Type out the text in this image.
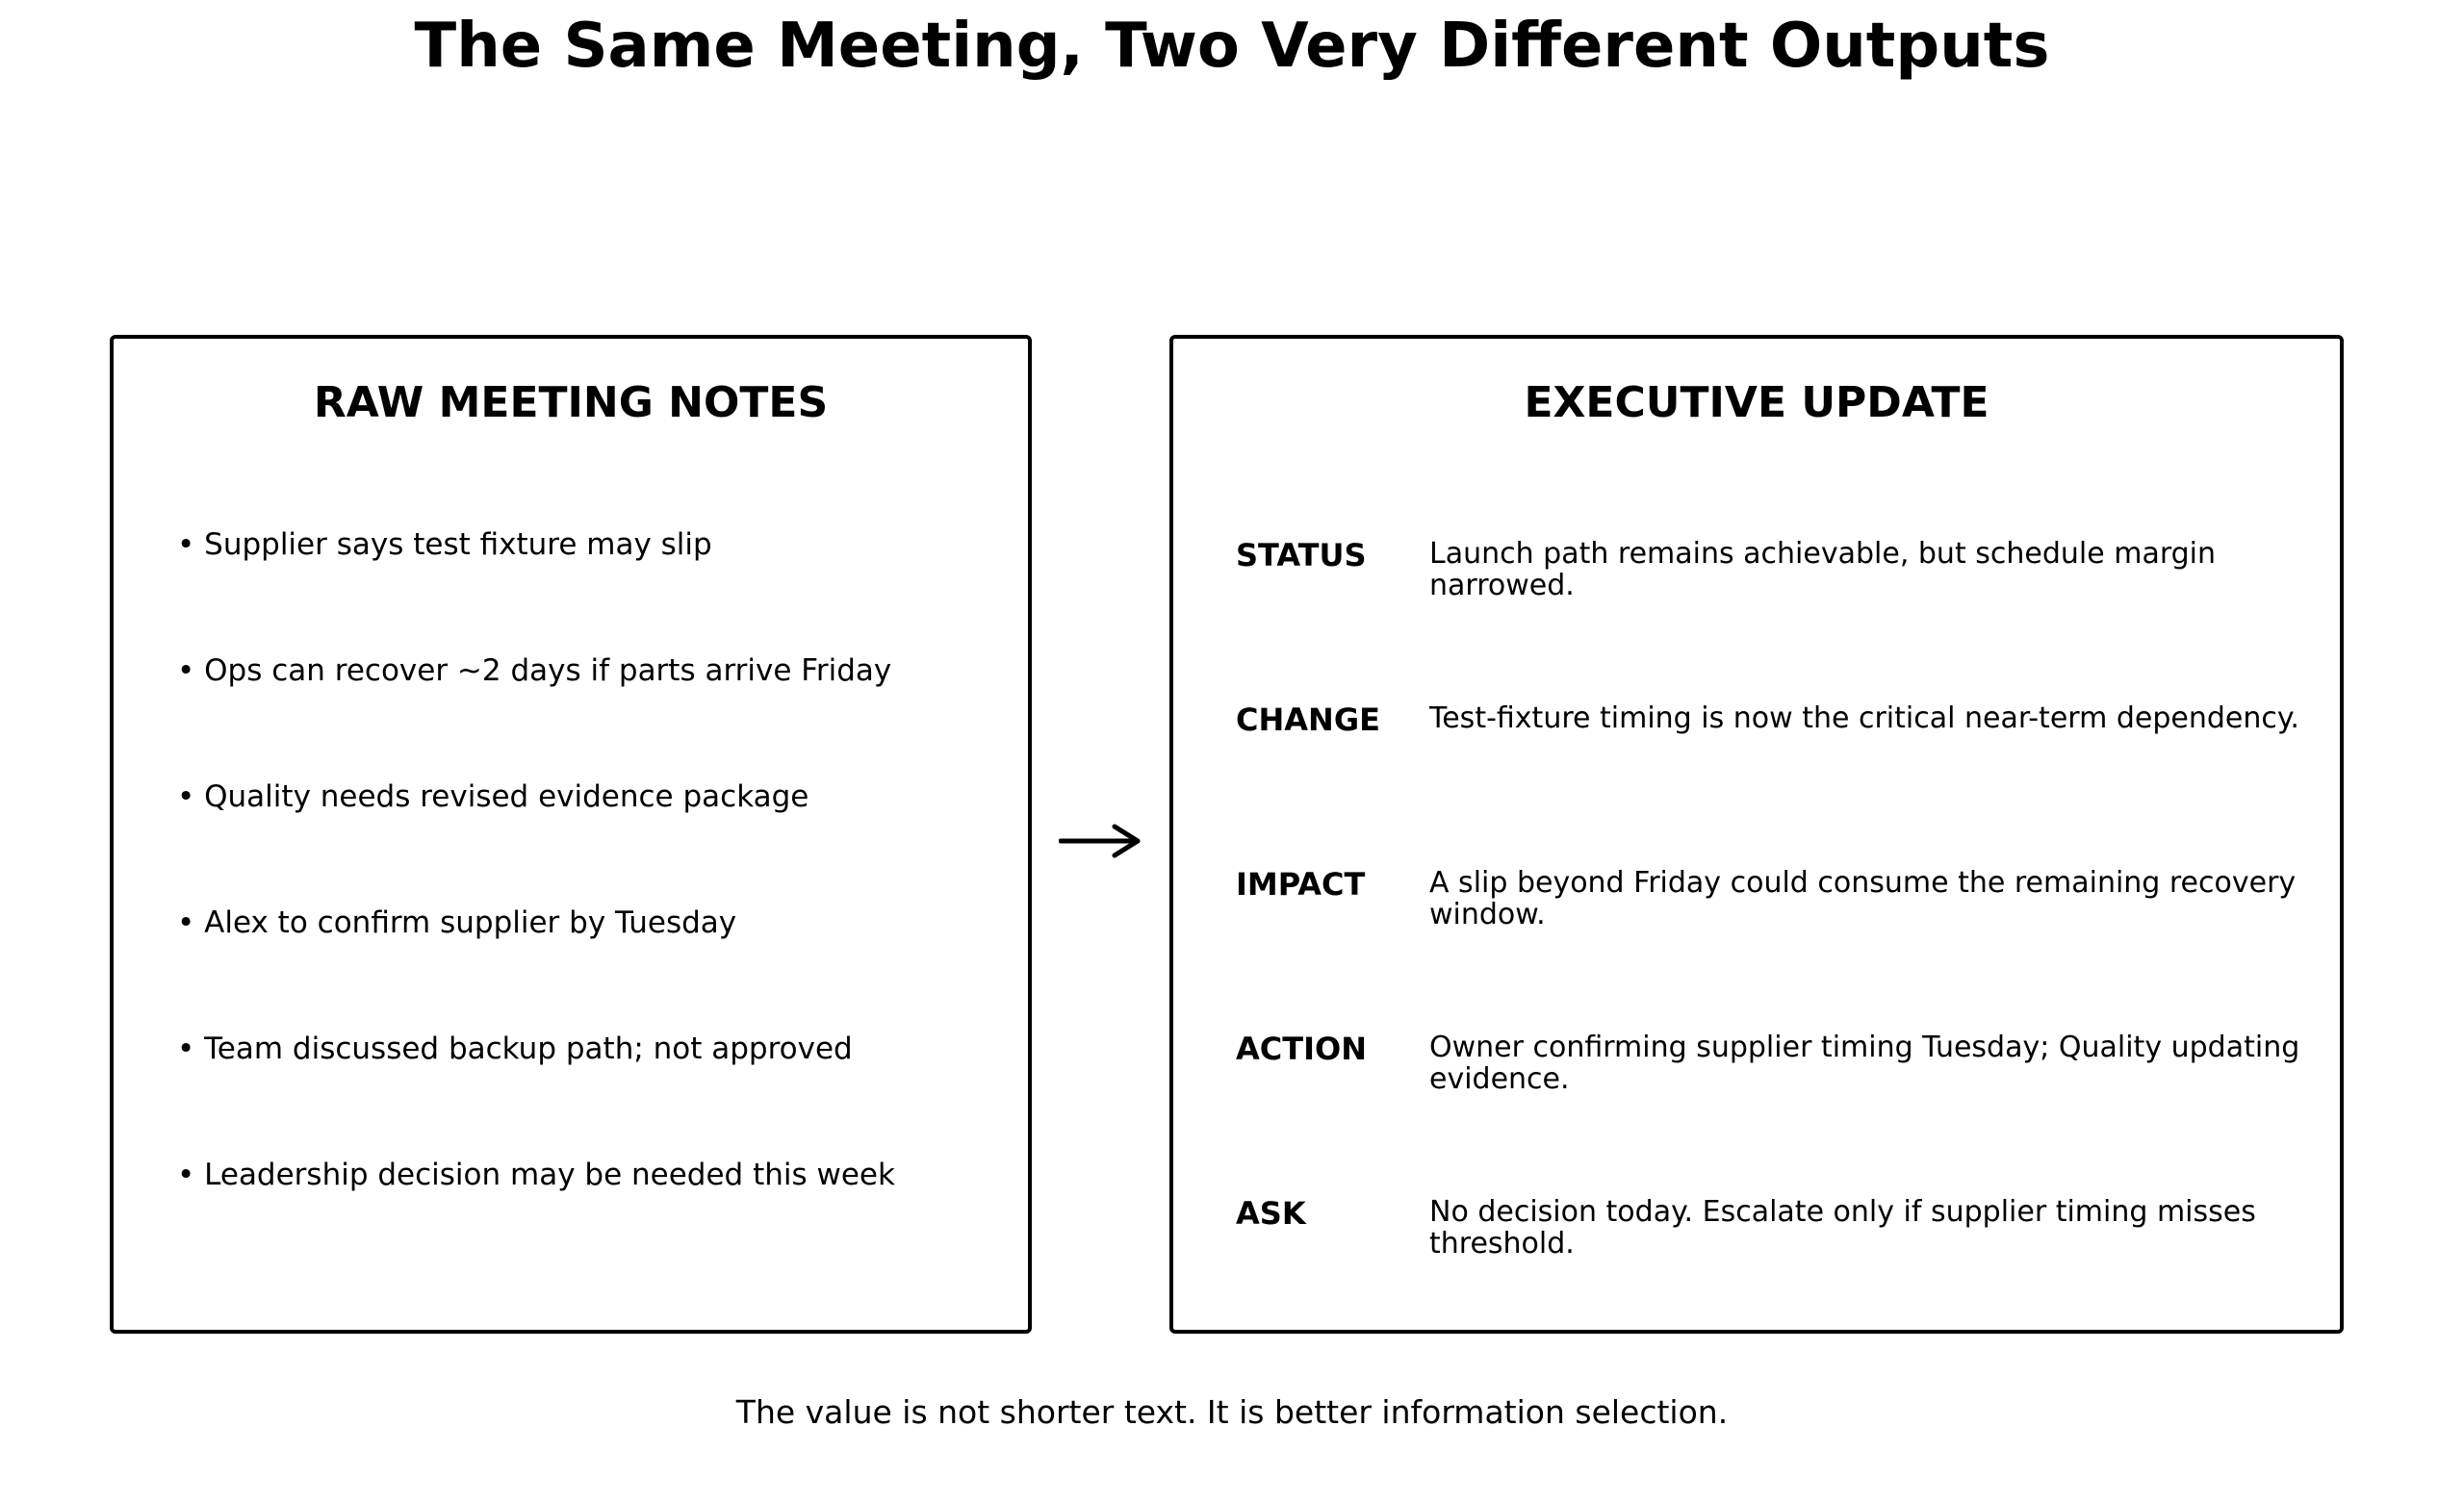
The Same Meeting, Two Very Different Outputs
RAW MEETING NOTES
• Supplier says test fixture may slip
• Ops can recover ~2 days if parts arrive Friday
• Quality needs revised evidence package
• Alex to confirm supplier by Tuesday
• Team discussed backup path; not approved
• Leadership decision may be needed this week
EXECUTIVE UPDATE
STATUS Launch path remains achievable, but schedule margin narrowed.
CHANGE Test-fixture timing is now the critical near-term dependency.
IMPACT A slip beyond Friday could consume the remaining recovery window.
ACTION Owner confirming supplier timing Tuesday; Quality updating evidence.
ASK	No decision today. Escalate only if supplier timing misses threshold.
The value is not shorter text. It is better information selection.
